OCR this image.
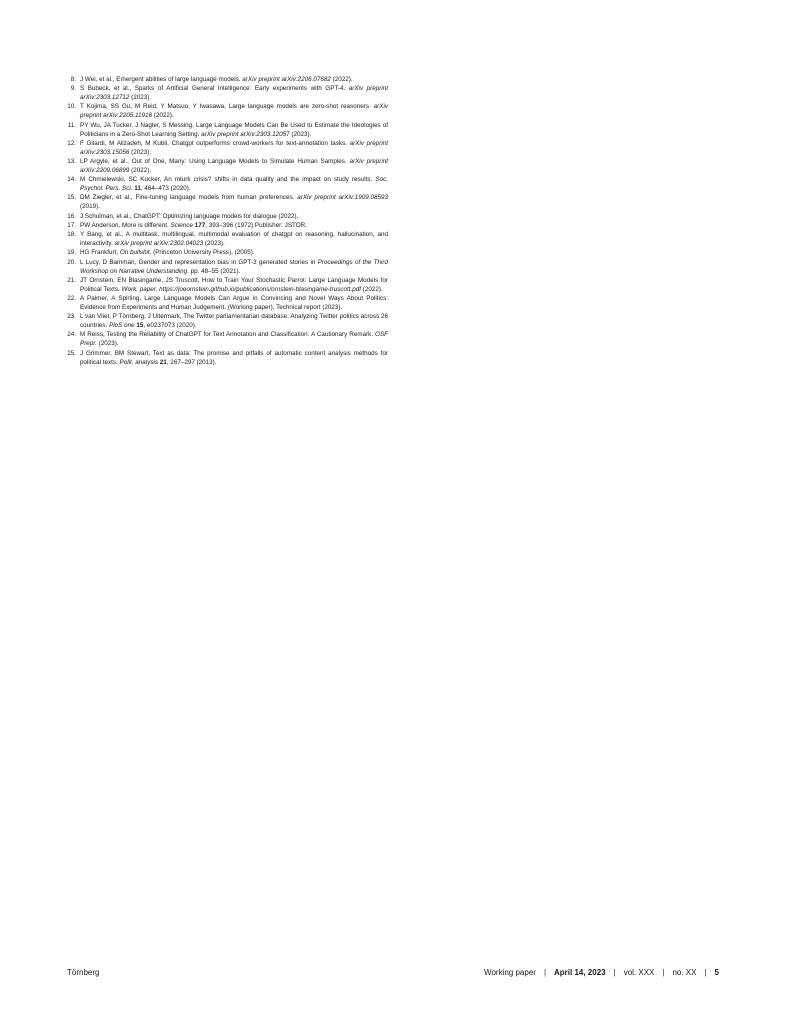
8. J Wei, et al., Emergent abilities of large language models. arXiv preprint arXiv:2206.07682 (2022).
9. S Bubeck, et al., Sparks of Artificial General Intelligence: Early experiments with GPT-4. arXiv preprint arXiv:2303.12712 (2023).
10. T Kojima, SS Gu, M Reid, Y Matsuo, Y Iwasawa, Large language models are zero-shot reasoners. arXiv preprint arXiv:2205.11916 (2022).
11. PY Wu, JA Tucker, J Nagler, S Messing, Large Language Models Can Be Used to Estimate the Ideologies of Politicians in a Zero-Shot Learning Setting. arXiv preprint arXiv:2303.12057 (2023).
12. F Gilardi, M Alizadeh, M Kubli, Chatgpt outperforms crowd-workers for text-annotation tasks. arXiv preprint arXiv:2303.15056 (2023).
13. LP Argyle, et al., Out of One, Many: Using Language Models to Simulate Human Samples. arXiv preprint arXiv:2209.06899 (2022).
14. M Chmielewski, SC Kucker, An mturk crisis? shifts in data quality and the impact on study results. Soc. Psychol. Pers. Sci. 11, 464–473 (2020).
15. DM Ziegler, et al., Fine-tuning language models from human preferences. arXiv preprint arXiv:1909.08593 (2019).
16. J Schulman, et al., ChatGPT: Optimizing language models for dialogue (2022).
17. PW Anderson, More is different. Science 177, 393–396 (1972) Publisher: JSTOR.
18. Y Bang, et al., A multitask, multilingual, multimodal evaluation of chatgpt on reasoning, hallucination, and interactivity. arXiv preprint arXiv:2302.04023 (2023).
19. HG Frankfurt, On bullshit. (Princeton University Press), (2005).
20. L Lucy, D Bamman, Gender and representation bias in GPT-3 generated stories in Proceedings of the Third Workshop on Narrative Understanding. pp. 48–55 (2021).
21. JT Ornstein, EN Blasingame, JS Truscott, How to Train Your Stochastic Parrot: Large Language Models for Political Texts. Work. paper. https://joeornstein.github.io/publications/ornstein-blasingame-truscott.pdf (2022).
22. A Palmer, A Spirling, Large Language Models Can Argue in Convincing and Novel Ways About Politics: Evidence from Experiments and Human Judgement. (Working paper), Technical report (2023).
23. L van Vliet, P Törnberg, J Uitermark, The Twitter parliamentarian database: Analyzing Twitter politics across 26 countries. PloS one 15, e0237073 (2020).
24. M Reiss, Testing the Reliability of ChatGPT for Text Annotation and Classification: A Cautionary Remark. OSF Prepr. (2023).
25. J Grimmer, BM Stewart, Text as data: The promise and pitfalls of automatic content analysis methods for political texts. Polit. analysis 21, 267–297 (2013).
Törnberg	Working paper | April 14, 2023 | vol. XXX | no. XX | 5
